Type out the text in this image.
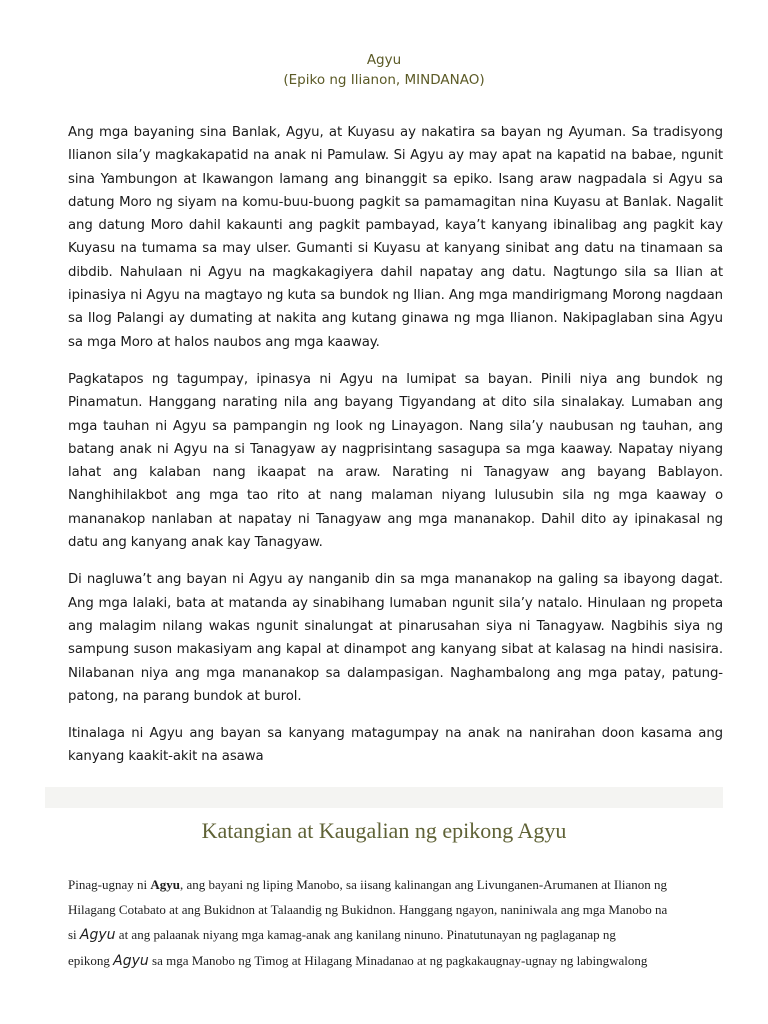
Agyu
(Epiko ng Ilianon, MINDANAO)

Ang mga bayaning sina Banlak, Agyu, at Kuyasu ay nakatira sa bayan ng Ayuman. Sa tradisyong Ilianon sila’y magkakapatid na anak ni Pamulaw. Si Agyu ay may apat na kapatid na babae, ngunit sina Yambungon at Ikawangon lamang ang binanggit sa epiko. Isang araw nagpadala si Agyu sa datung Moro ng siyam na komu-buu-buong pagkit sa pamamagitan nina Kuyasu at Banlak. Nagalit ang datung Moro dahil kakaunti ang pagkit pambayad, kaya’t kanyang ibinalibag ang pagkit kay Kuyasu na tumama sa may ulser. Gumanti si Kuyasu at kanyang sinibat ang datu na tinamaan sa dibdib. Nahulaan ni Agyu na magkakagiyera dahil napatay ang datu. Nagtungo sila sa Ilian at ipinasiya ni Agyu na magtayo ng kuta sa bundok ng Ilian. Ang mga mandirigmang Morong nagdaan sa Ilog Palangi ay dumating at nakita ang kutang ginawa ng mga Ilianon. Nakipaglaban sina Agyu sa mga Moro at halos naubos ang mga kaaway.

Pagkatapos ng tagumpay, ipinasya ni Agyu na lumipat sa bayan. Pinili niya ang bundok ng Pinamatun. Hanggang narating nila ang bayang Tigyandang at dito sila sinalakay. Lumaban ang mga tauhan ni Agyu sa pampangin ng look ng Linayagon. Nang sila’y naubusan ng tauhan, ang batang anak ni Agyu na si Tanagyaw ay nagprisintang sasagupa sa mga kaaway. Napatay niyang lahat ang kalaban nang ikaapat na araw. Narating ni Tanagyaw ang bayang Bablayon. Nanghihilakbot ang mga tao rito at nang malaman niyang lulusubin sila ng mga kaaway o mananakop nanlaban at napatay ni Tanagyaw ang mga mananakop. Dahil dito ay ipinakasal ng datu ang kanyang anak kay Tanagyaw.

Di nagluwa’t ang bayan ni Agyu ay nanganib din sa mga mananakop na galing sa ibayong dagat. Ang mga lalaki, bata at matanda ay sinabihang lumaban ngunit sila’y natalo. Hinulaan ng propeta ang malagim nilang wakas ngunit sinalungat at pinarusahan siya ni Tanagyaw. Nagbihis siya ng sampung suson makasiyam ang kapal at dinampot ang kanyang sibat at kalasag na hindi nasisira. Nilabanan niya ang mga mananakop sa dalampasigan. Naghambalong ang mga patay, patung-patong, na parang bundok at burol.

Itinalaga ni Agyu ang bayan sa kanyang matagumpay na anak na nanirahan doon kasama ang kanyang kaakit-akit na asawa

Katangian at Kaugalian ng epikong Agyu
Pinag-ugnay ni Agyu, ang bayani ng liping Manobo, sa iisang kalinangan ang Livunganen-Arumanen at Ilianon ng
Hilagang Cotabato at ang Bukidnon at Talaandig ng Bukidnon. Hanggang ngayon, naniniwala ang mga Manobo na
si Agyu at ang palaanak niyang mga kamag-anak ang kanilang ninuno. Pinatutunayan ng paglaganap ng
epikong Agyu sa mga Manobo ng Timog at Hilagang Minadanao at ng pagkakaugnay-ugnay ng labingwalong
